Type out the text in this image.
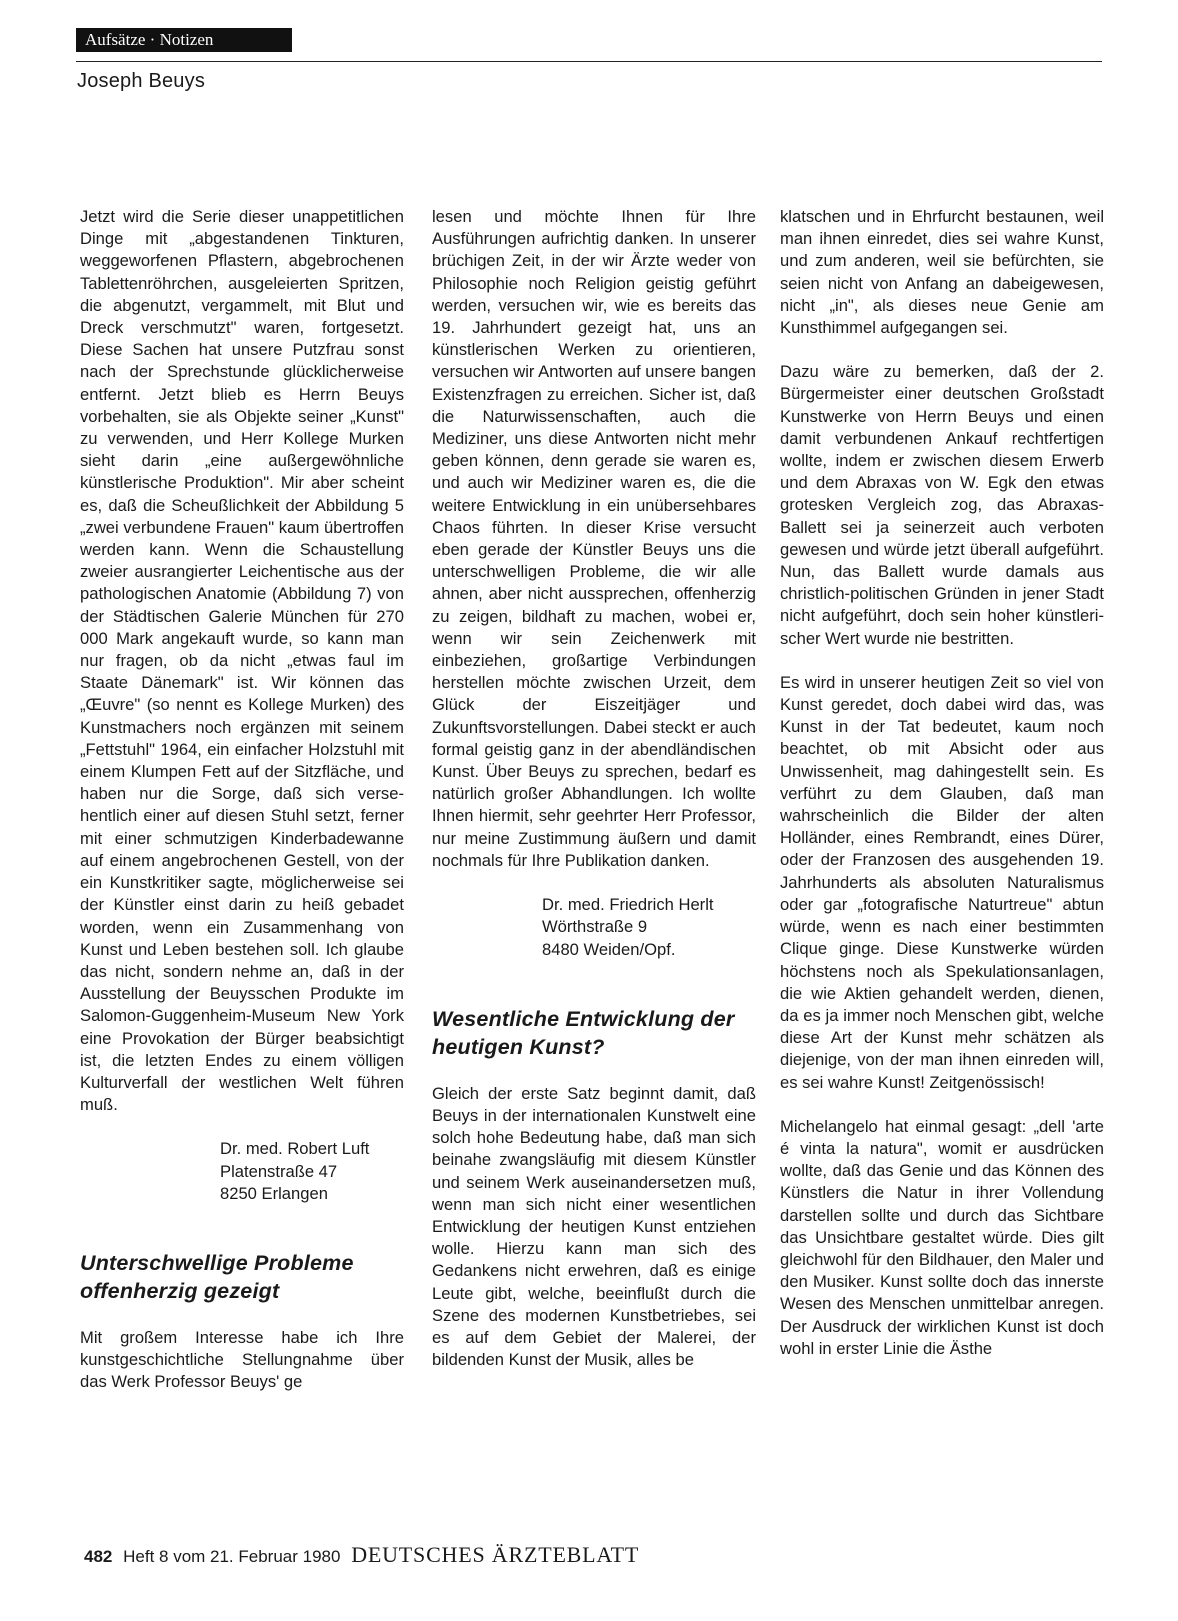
Aufsätze · Notizen
Joseph Beuys

Jetzt wird die Serie dieser unappetitlichen Dinge mit „abgestandenen Tinkturen, weggeworfenen Pflastern, abgebrochenen Tablettenröhrchen, ausgeleierten Spritzen, die abgenutzt, vergammelt, mit Blut und Dreck verschmutzt" waren, fortgesetzt. Diese Sachen hat unsere Putzfrau sonst nach der Sprechstunde glücklicherweise entfernt. Jetzt blieb es Herrn Beuys vorbehalten, sie als Objekte seiner „Kunst" zu verwenden, und Herr Kollege Murken sieht darin „eine außergewöhnliche künstlerische Produktion". Mir aber scheint es, daß die Scheußlichkeit der Abbildung 5 „zwei verbundene Frauen" kaum übertroffen werden kann. Wenn die Schaustellung zweier ausrangierter Leichentische aus der pathologischen Anatomie (Abbildung 7) von der Städtischen Galerie München für 270 000 Mark angekauft wurde, so kann man nur fragen, ob da nicht „etwas faul im Staate Dänemark" ist. Wir können das „Œuvre" (so nennt es Kollege Murken) des Kunstmachers noch ergänzen mit seinem „Fettstuhl" 1964, ein einfacher Holzstuhl mit einem Klumpen Fett auf der Sitzfläche, und haben nur die Sorge, daß sich versehentlich einer auf diesen Stuhl setzt, ferner mit einer schmutzigen Kinderbadewanne auf einem angebrochenen Gestell, von der ein Kunstkritiker sagte, möglicherweise sei der Künstler einst darin zu heiß gebadet worden, wenn ein Zusammenhang von Kunst und Leben bestehen soll. Ich glaube das nicht, sondern nehme an, daß in der Ausstellung der Beuysschen Produkte im Salomon-Guggenheim-Museum New York eine Provokation der Bürger beabsichtigt ist, die letzten Endes zu einem völligen Kulturverfall der westlichen Welt führen muß.

Dr. med. Robert Luft
Platenstraße 47
8250 Erlangen
Unterschwellige Probleme offenherzig gezeigt

Mit großem Interesse habe ich Ihre kunstgeschichtliche Stellungnahme über das Werk Professor Beuys' ge

lesen und möchte Ihnen für Ihre Ausführungen aufrichtig danken. In unserer brüchigen Zeit, in der wir Ärzte weder von Philosophie noch Religion geistig geführt werden, versuchen wir, wie es bereits das 19. Jahrhundert gezeigt hat, uns an künstlerischen Werken zu orientieren, versuchen wir Antworten auf unsere bangen Existenzfragen zu erreichen. Sicher ist, daß die Naturwissenschaften, auch die Mediziner, uns diese Antworten nicht mehr geben können, denn gerade sie waren es, und auch wir Mediziner waren es, die die weitere Entwicklung in ein unübersehbares Chaos führten. In dieser Krise versucht eben gerade der Künstler Beuys uns die unterschwelligen Probleme, die wir alle ahnen, aber nicht aussprechen, offenherzig zu zeigen, bildhaft zu machen, wobei er, wenn wir sein Zeichenwerk mit einbeziehen, großartige Verbindungen herstellen möchte zwischen Urzeit, dem Glück der Eiszeitjäger und Zukunftsvorstellungen. Dabei steckt er auch formal geistig ganz in der abendländischen Kunst. Über Beuys zu sprechen, bedarf es natürlich großer Abhandlungen. Ich wollte Ihnen hiermit, sehr geehrter Herr Professor, nur meine Zustimmung äußern und damit nochmals für Ihre Publikation danken.

Dr. med. Friedrich Herlt
Wörthstraße 9
8480 Weiden/Opf.
Wesentliche Entwicklung der heutigen Kunst?

Gleich der erste Satz beginnt damit, daß Beuys in der internationalen Kunstwelt eine solch hohe Bedeutung habe, daß man sich beinahe zwangsläufig mit diesem Künstler und seinem Werk auseinandersetzen muß, wenn man sich nicht einer wesentlichen Entwicklung der heutigen Kunst entziehen wolle. Hierzu kann man sich des Gedankens nicht erwehren, daß es einige Leute gibt, welche, beeinflußt durch die Szene des modernen Kunstbetriebes, sei es auf dem Gebiet der Malerei, der bildenden Kunst der Musik, alles be

klatschen und in Ehrfurcht bestaunen, weil man ihnen einredet, dies sei wahre Kunst, und zum anderen, weil sie befürchten, sie seien nicht von Anfang an dabeigewesen, nicht „in", als dieses neue Genie am Kunsthimmel aufgegangen sei.

Dazu wäre zu bemerken, daß der 2. Bürgermeister einer deutschen Großstadt Kunstwerke von Herrn Beuys und einen damit verbundenen Ankauf rechtfertigen wollte, indem er zwischen diesem Erwerb und dem Abraxas von W. Egk den etwas grotesken Vergleich zog, das Abraxas-Ballett sei ja seinerzeit auch verboten gewesen und würde jetzt überall aufgeführt. Nun, das Ballett wurde damals aus christlich-politischen Gründen in jener Stadt nicht aufgeführt, doch sein hoher künstlerischer Wert wurde nie bestritten.

Es wird in unserer heutigen Zeit so viel von Kunst geredet, doch dabei wird das, was Kunst in der Tat bedeutet, kaum noch beachtet, ob mit Absicht oder aus Unwissenheit, mag dahingestellt sein. Es verführt zu dem Glauben, daß man wahrscheinlich die Bilder der alten Holländer, eines Rembrandt, eines Dürer, oder der Franzosen des ausgehenden 19. Jahrhunderts als absoluten Naturalismus oder gar „fotografische Naturtreue" abtun würde, wenn es nach einer bestimmten Clique ginge. Diese Kunstwerke würden höchstens noch als Spekulationsanlagen, die wie Aktien gehandelt werden, dienen, da es ja immer noch Menschen gibt, welche diese Art der Kunst mehr schätzen als diejenige, von der man ihnen einreden will, es sei wahre Kunst! Zeitgenössisch!

Michelangelo hat einmal gesagt: „dell 'arte é vinta la natura", womit er ausdrücken wollte, daß das Genie und das Können des Künstlers die Natur in ihrer Vollendung darstellen sollte und durch das Sichtbare das Unsichtbare gestaltet würde. Dies gilt gleichwohl für den Bildhauer, den Maler und den Musiker. Kunst sollte doch das innerste Wesen des Menschen unmittelbar anregen. Der Ausdruck der wirklichen Kunst ist doch wohl in erster Linie die Ästhe

482 Heft 8 vom 21. Februar 1980 DEUTSCHES ÄRZTEBLATT
